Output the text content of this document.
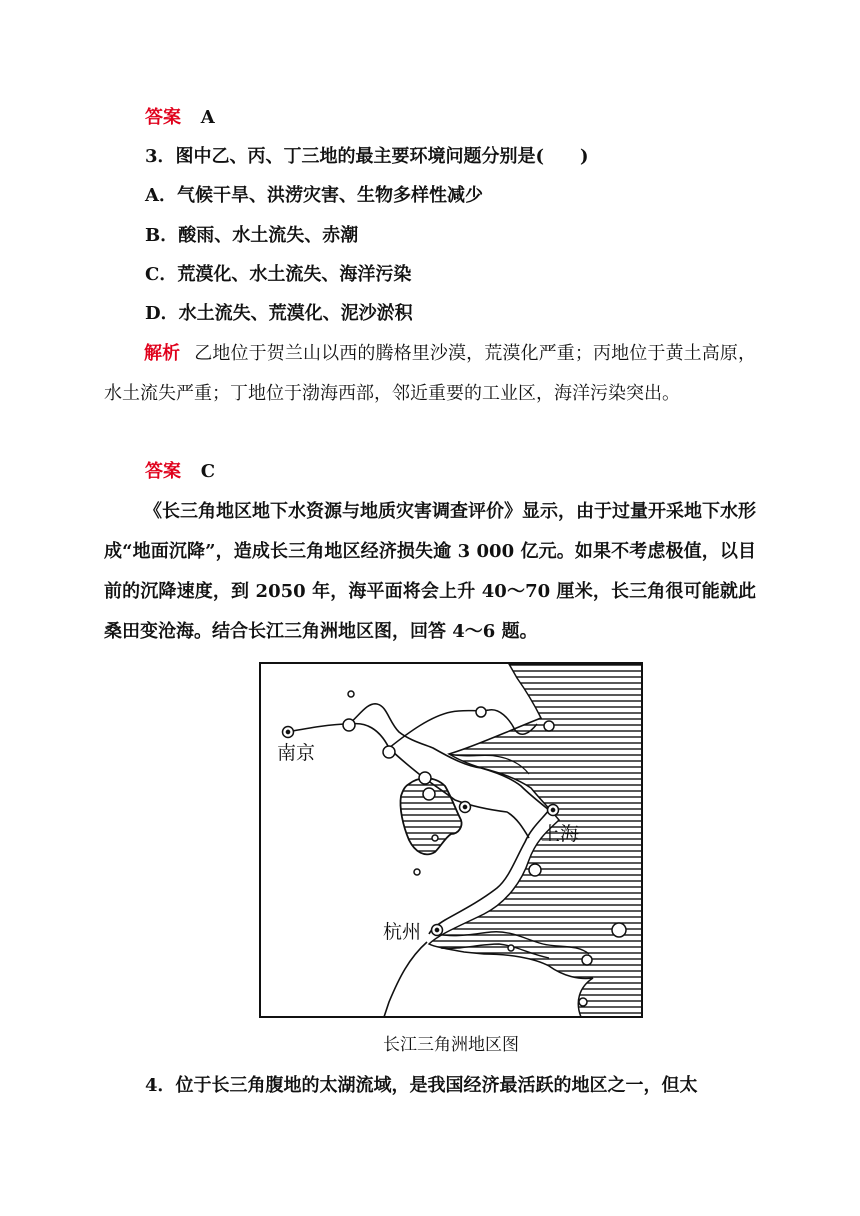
答案 A
3．图中乙、丙、丁三地的最主要环境问题分别是(　　)
A．气候干旱、洪涝灾害、生物多样性减少
B．酸雨、水土流失、赤潮
C．荒漠化、水土流失、海洋污染
D．水土流失、荒漠化、泥沙淤积

解析 乙地位于贺兰山以西的腾格里沙漠，荒漠化严重；丙地位于黄土高原，水土流失严重；丁地位于渤海西部，邻近重要的工业区，海洋污染突出。

答案 C

《长三角地区地下水资源与地质灾害调查评价》显示，由于过量开采地下水形成“地面沉降”，造成长三角地区经济损失逾 3 000 亿元。如果不考虑极值，以目前的沉降速度，到 2050 年，海平面将会上升 40～70 厘米，长三角很可能就此桑田变沧海。结合长江三角洲地区图，回答 4～6 题。

南京
上海
杭州
长江三角洲地区图
4．位于长三角腹地的太湖流域，是我国经济最活跃的地区之一，但太
